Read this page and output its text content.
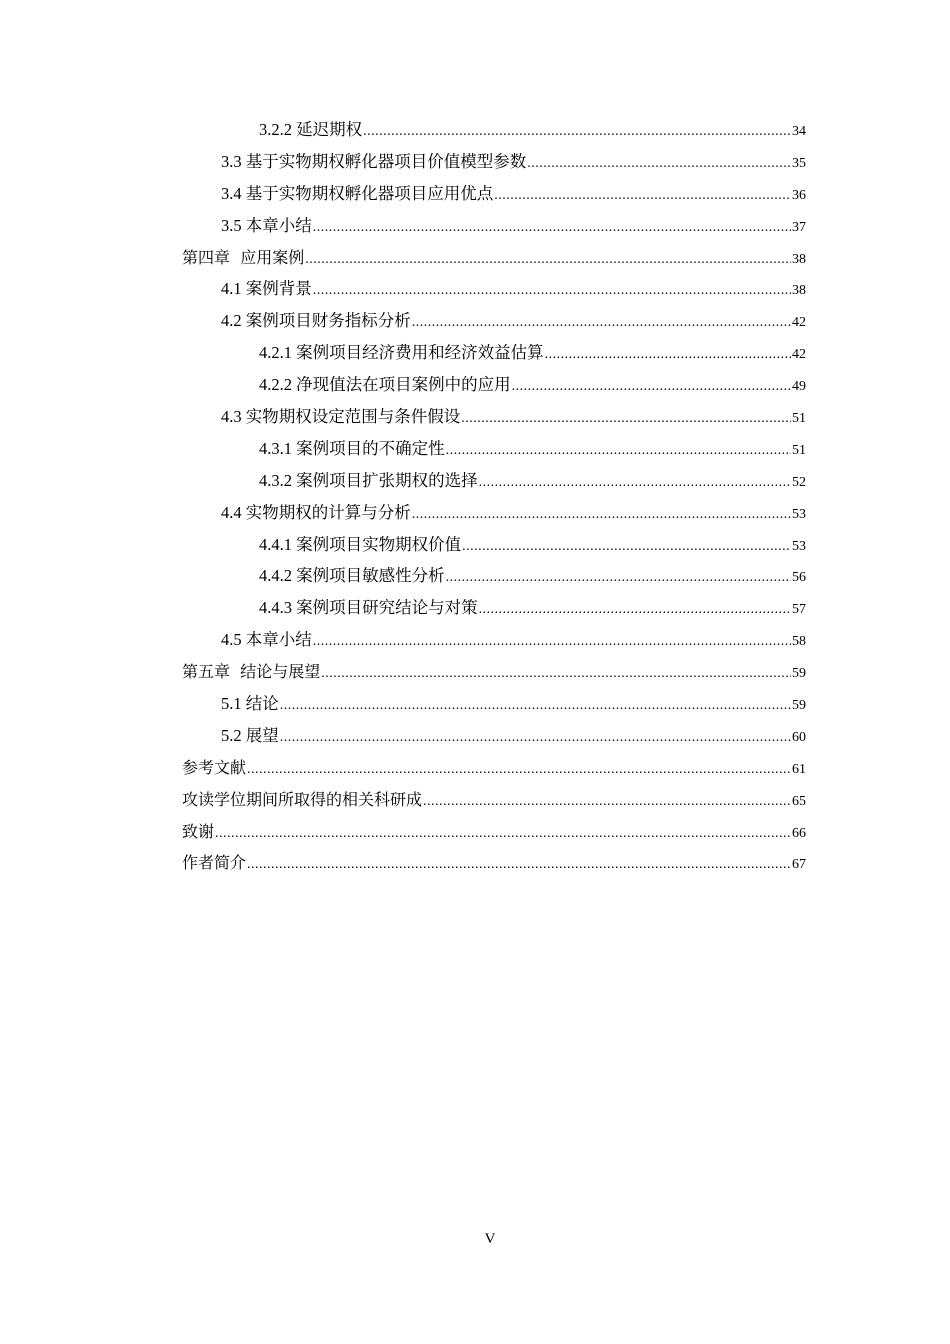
3.2.2 延迟期权 .....	34
3.3 基于实物期权孵化器项目价值模型参数 .....	35
3.4 基于实物期权孵化器项目应用优点 .....	36
3.5 本章小结 .....	37
第四章 应用案例 .....	38
4.1 案例背景 .....	38
4.2 案例项目财务指标分析 .....	42
4.2.1 案例项目经济费用和经济效益估算 .....	42
4.2.2 净现值法在项目案例中的应用 .....	49
4.3 实物期权设定范围与条件假设 .....	51
4.3.1 案例项目的不确定性 .....	51
4.3.2 案例项目扩张期权的选择 .....	52
4.4 实物期权的计算与分析 .....	53
4.4.1 案例项目实物期权价值 .....	53
4.4.2 案例项目敏感性分析 .....	56
4.4.3 案例项目研究结论与对策 .....	57
4.5 本章小结 .....	58
第五章 结论与展望 .....	59
5.1 结论 .....	59
5.2 展望 .....	60
参考文献 .....	61
攻读学位期间所取得的相关科研成 .....	65
致谢 .....	66
作者简介 .....	67
V
